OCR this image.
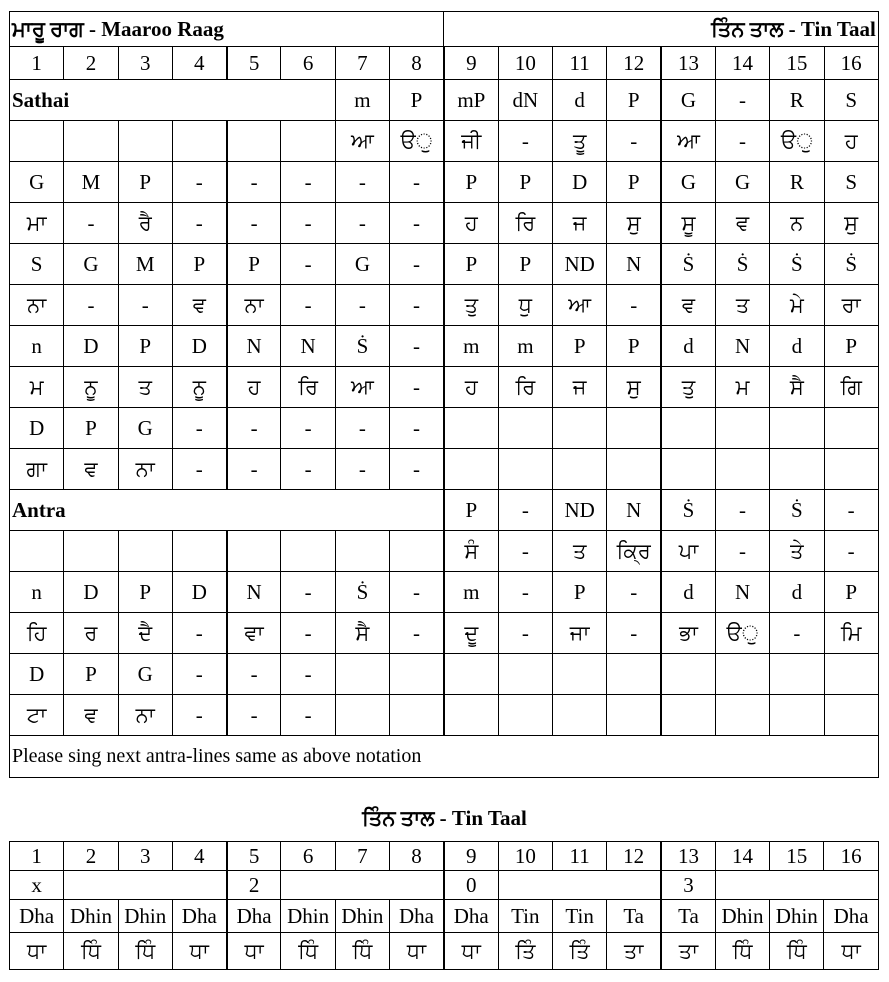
ਮਾਰੂ ਰਾਗ - Maaroo Raag								ਤਿੰਨ ਤਾਲ - Tin Taal							
1	2	3	4	5	6	7	8	9	10	11	12	13	14	15	16
Sathai						m	P	mP	dN	d	P	G	-	R	S
						ਆ	ੳੁ	ਜੀ	-	ਤੂ	-	ਆ	-	ੳੁ	ਹ
G	M	P	-	-	-	-	-	P	P	D	P	G	G	R	S
ਮਾ	-	ਰੈ	-	-	-	-	-	ਹ	ਰਿ	ਜ	ਸੁ	ਸੂ	ਵ	ਨ	ਸੁ
S	G	M	P	P	-	G	-	P	P	ND	N	Ṡ	Ṡ	Ṡ	Ṡ
ਨਾ	-	-	ਵ	ਨਾ	-	-	-	ਤੁ	ਧੁ	ਆ	-	ਵ	ਤ	ਮੇ	ਰਾ
n	D	P	D	N	N	Ṡ	-	m	m	P	P	d	N	d	P
ਮ	ਨੂ	ਤ	ਨੂ	ਹ	ਰਿ	ਆ	-	ਹ	ਰਿ	ਜ	ਸੁ	ਤੁ	ਮ	ਸੈ	ਗਿ
D	P	G	-	-	-	-	-								
ਗਾ	ਵ	ਨਾ	-	-	-	-	-								
Antra								P	-	ND	N	Ṡ	-	Ṡ	-
								ਸੰ	-	ਤ	ਕ੍ਰਿ	ਪਾ	-	ਤੇ	-
n	D	P	D	N	-	Ṡ	-	m	-	P	-	d	N	d	P
ਹਿ	ਰ	ਦੈ	-	ਵਾ	-	ਸੈ	-	ਦੂ	-	ਜਾ	-	ਭਾ	ੳੁ	-	ਮਿ
D	P	G	-	-	-										
ਟਾ	ਵ	ਨਾ	-	-	-										
Please sing next antra-lines same as above notation															
ਤਿੰਨ ਤਾਲ - Tin Taal
1	2	3	4	5	6	7	8	9	10	11	12	13	14	15	16
x				2				0				3			
Dha	Dhin	Dhin	Dha	Dha	Dhin	Dhin	Dha	Dha	Tin	Tin	Ta	Ta	Dhin	Dhin	Dha
ਧਾ	ਧਿੰ	ਧਿੰ	ਧਾ	ਧਾ	ਧਿੰ	ਧਿੰ	ਧਾ	ਧਾ	ਤਿੰ	ਤਿੰ	ਤਾ	ਤਾ	ਧਿੰ	ਧਿੰ	ਧਾ
